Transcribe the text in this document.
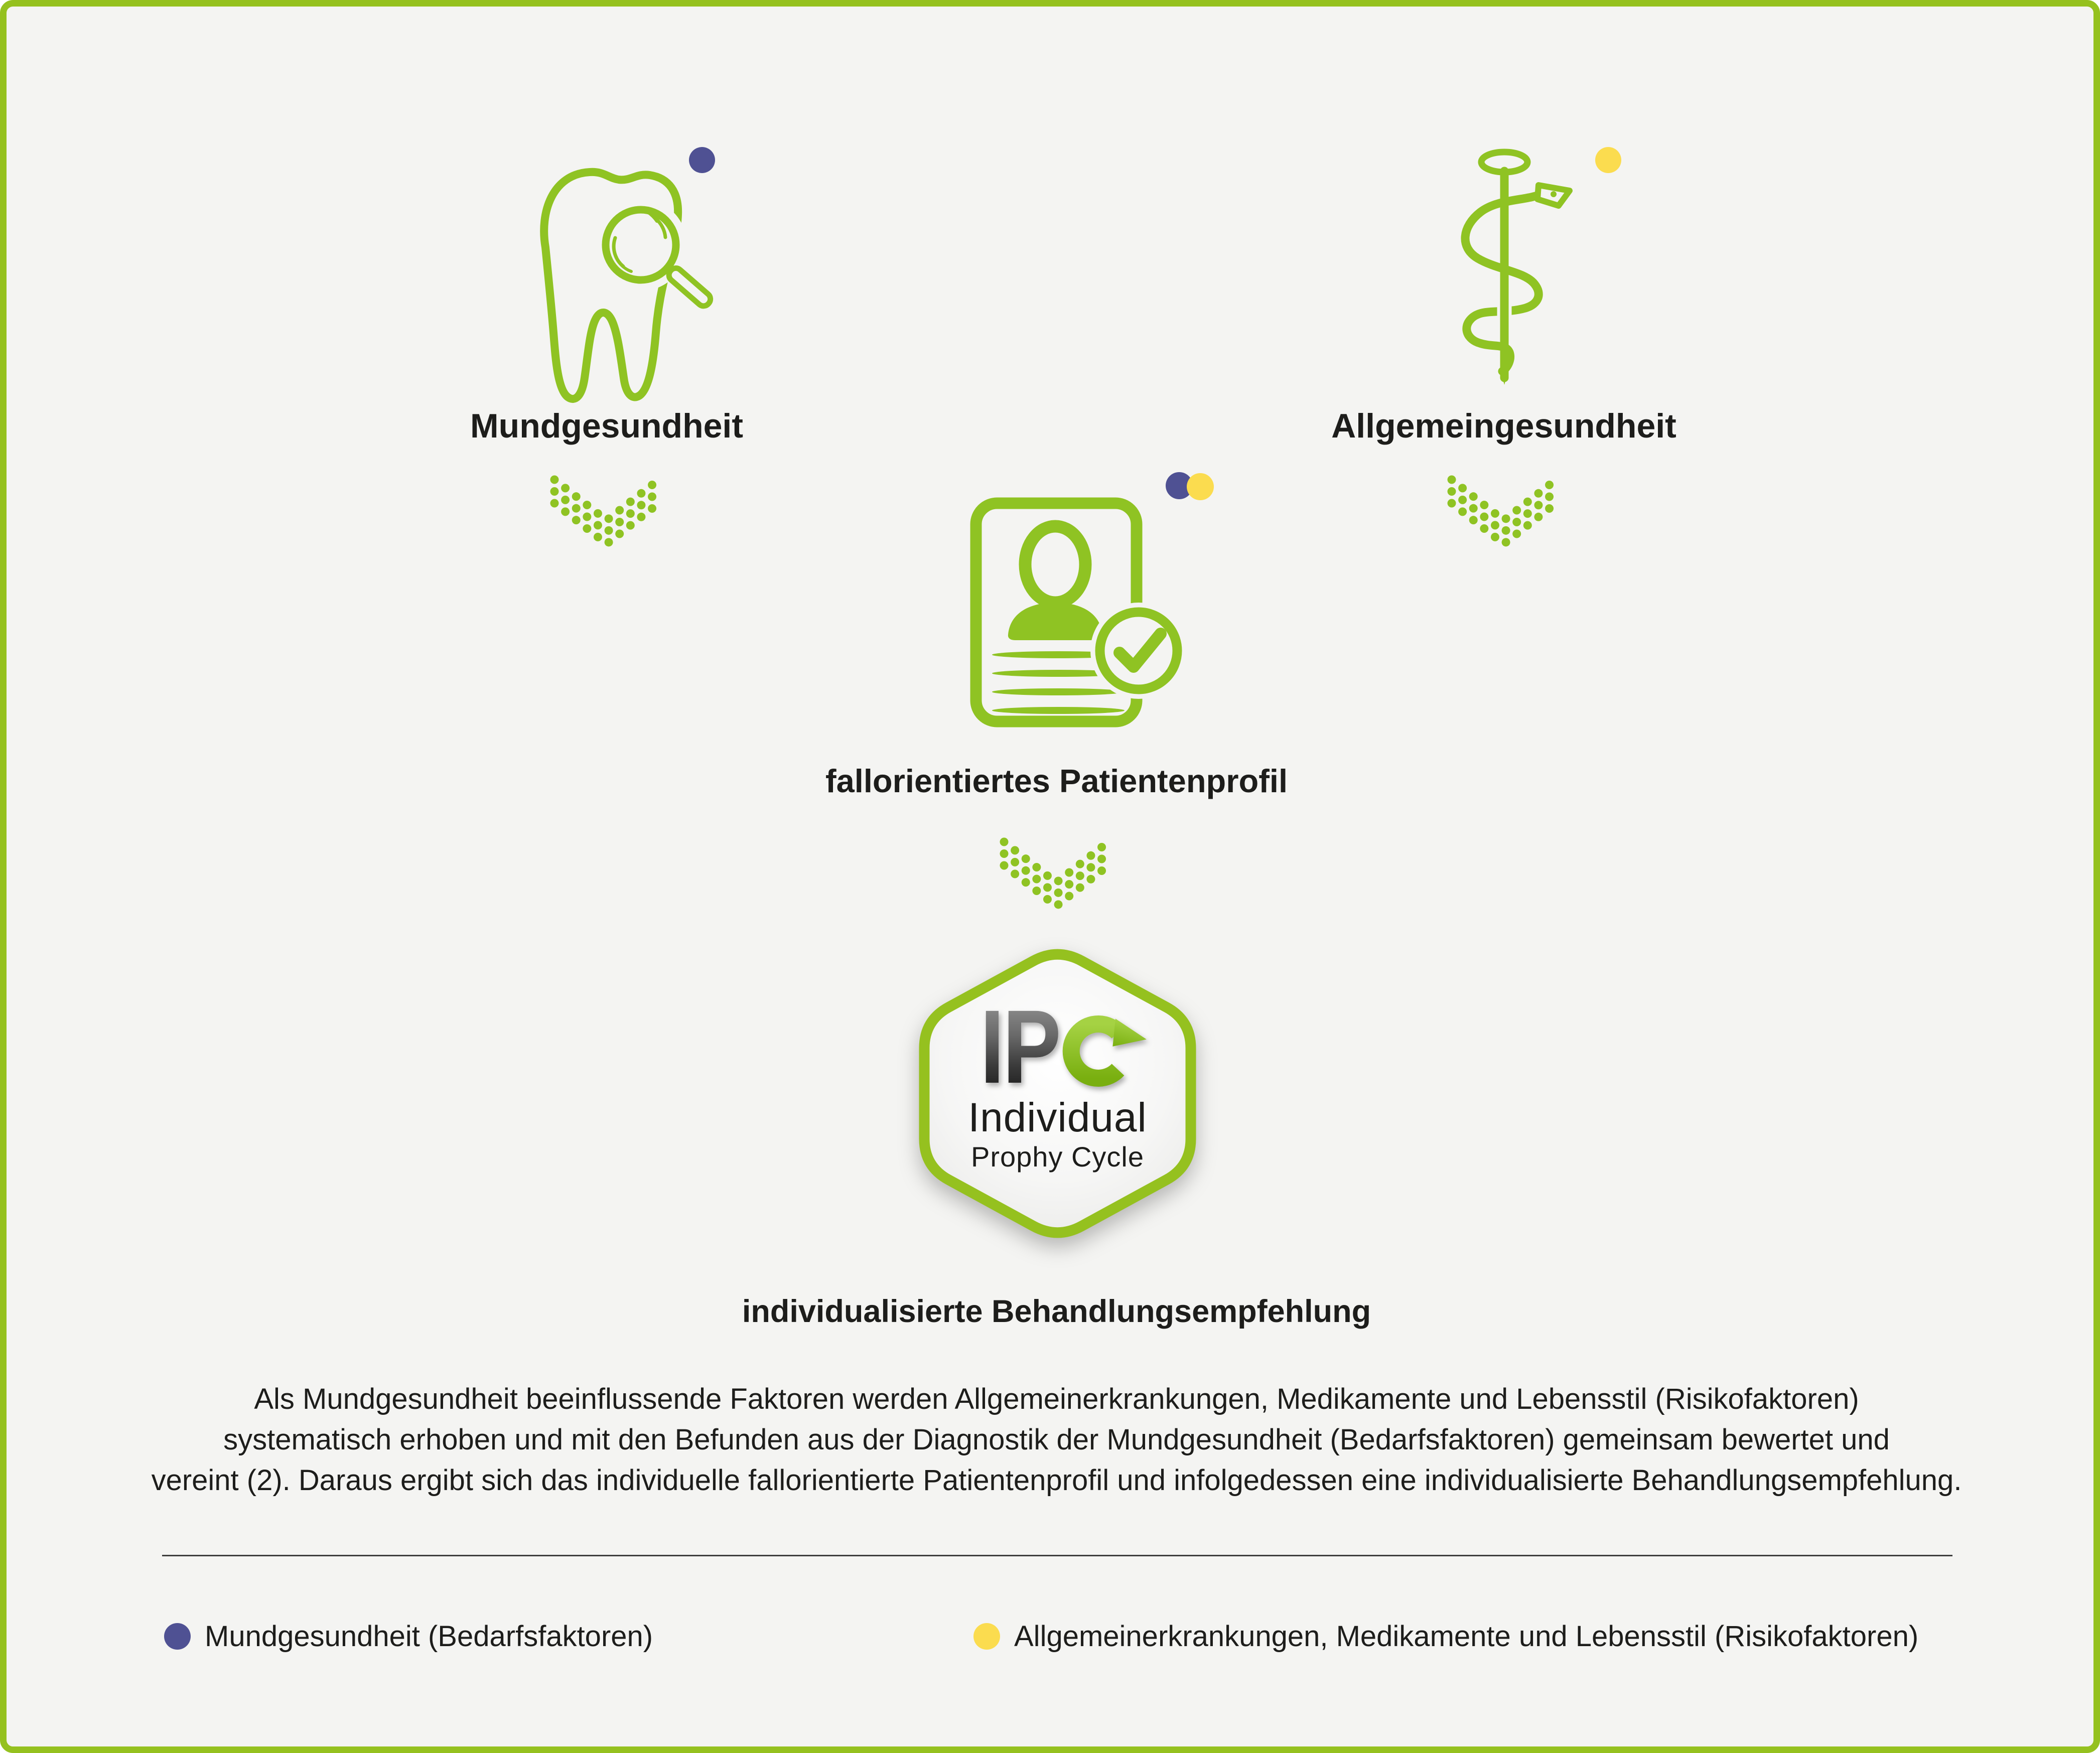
Mundgesundheit	Allgemeingesundheit
fallorientiertes Patientenprofil
IP
Individual
Prophy Cycle
individualisierte Behandlungsempfehlung
Als Mundgesundheit beeinflussende Faktoren werden Allgemeinerkrankungen, Medikamente und Lebensstil (Risikofaktoren)
systematisch erhoben und mit den Befunden aus der Diagnostik der Mundgesundheit (Bedarfsfaktoren) gemeinsam bewertet und
vereint (2). Daraus ergibt sich das individuelle fallorientierte Patientenprofil und infolgedessen eine individualisierte Behandlungsempfehlung.
Mundgesundheit (Bedarfsfaktoren)	Allgemeinerkrankungen, Medikamente und Lebensstil (Risikofaktoren)
